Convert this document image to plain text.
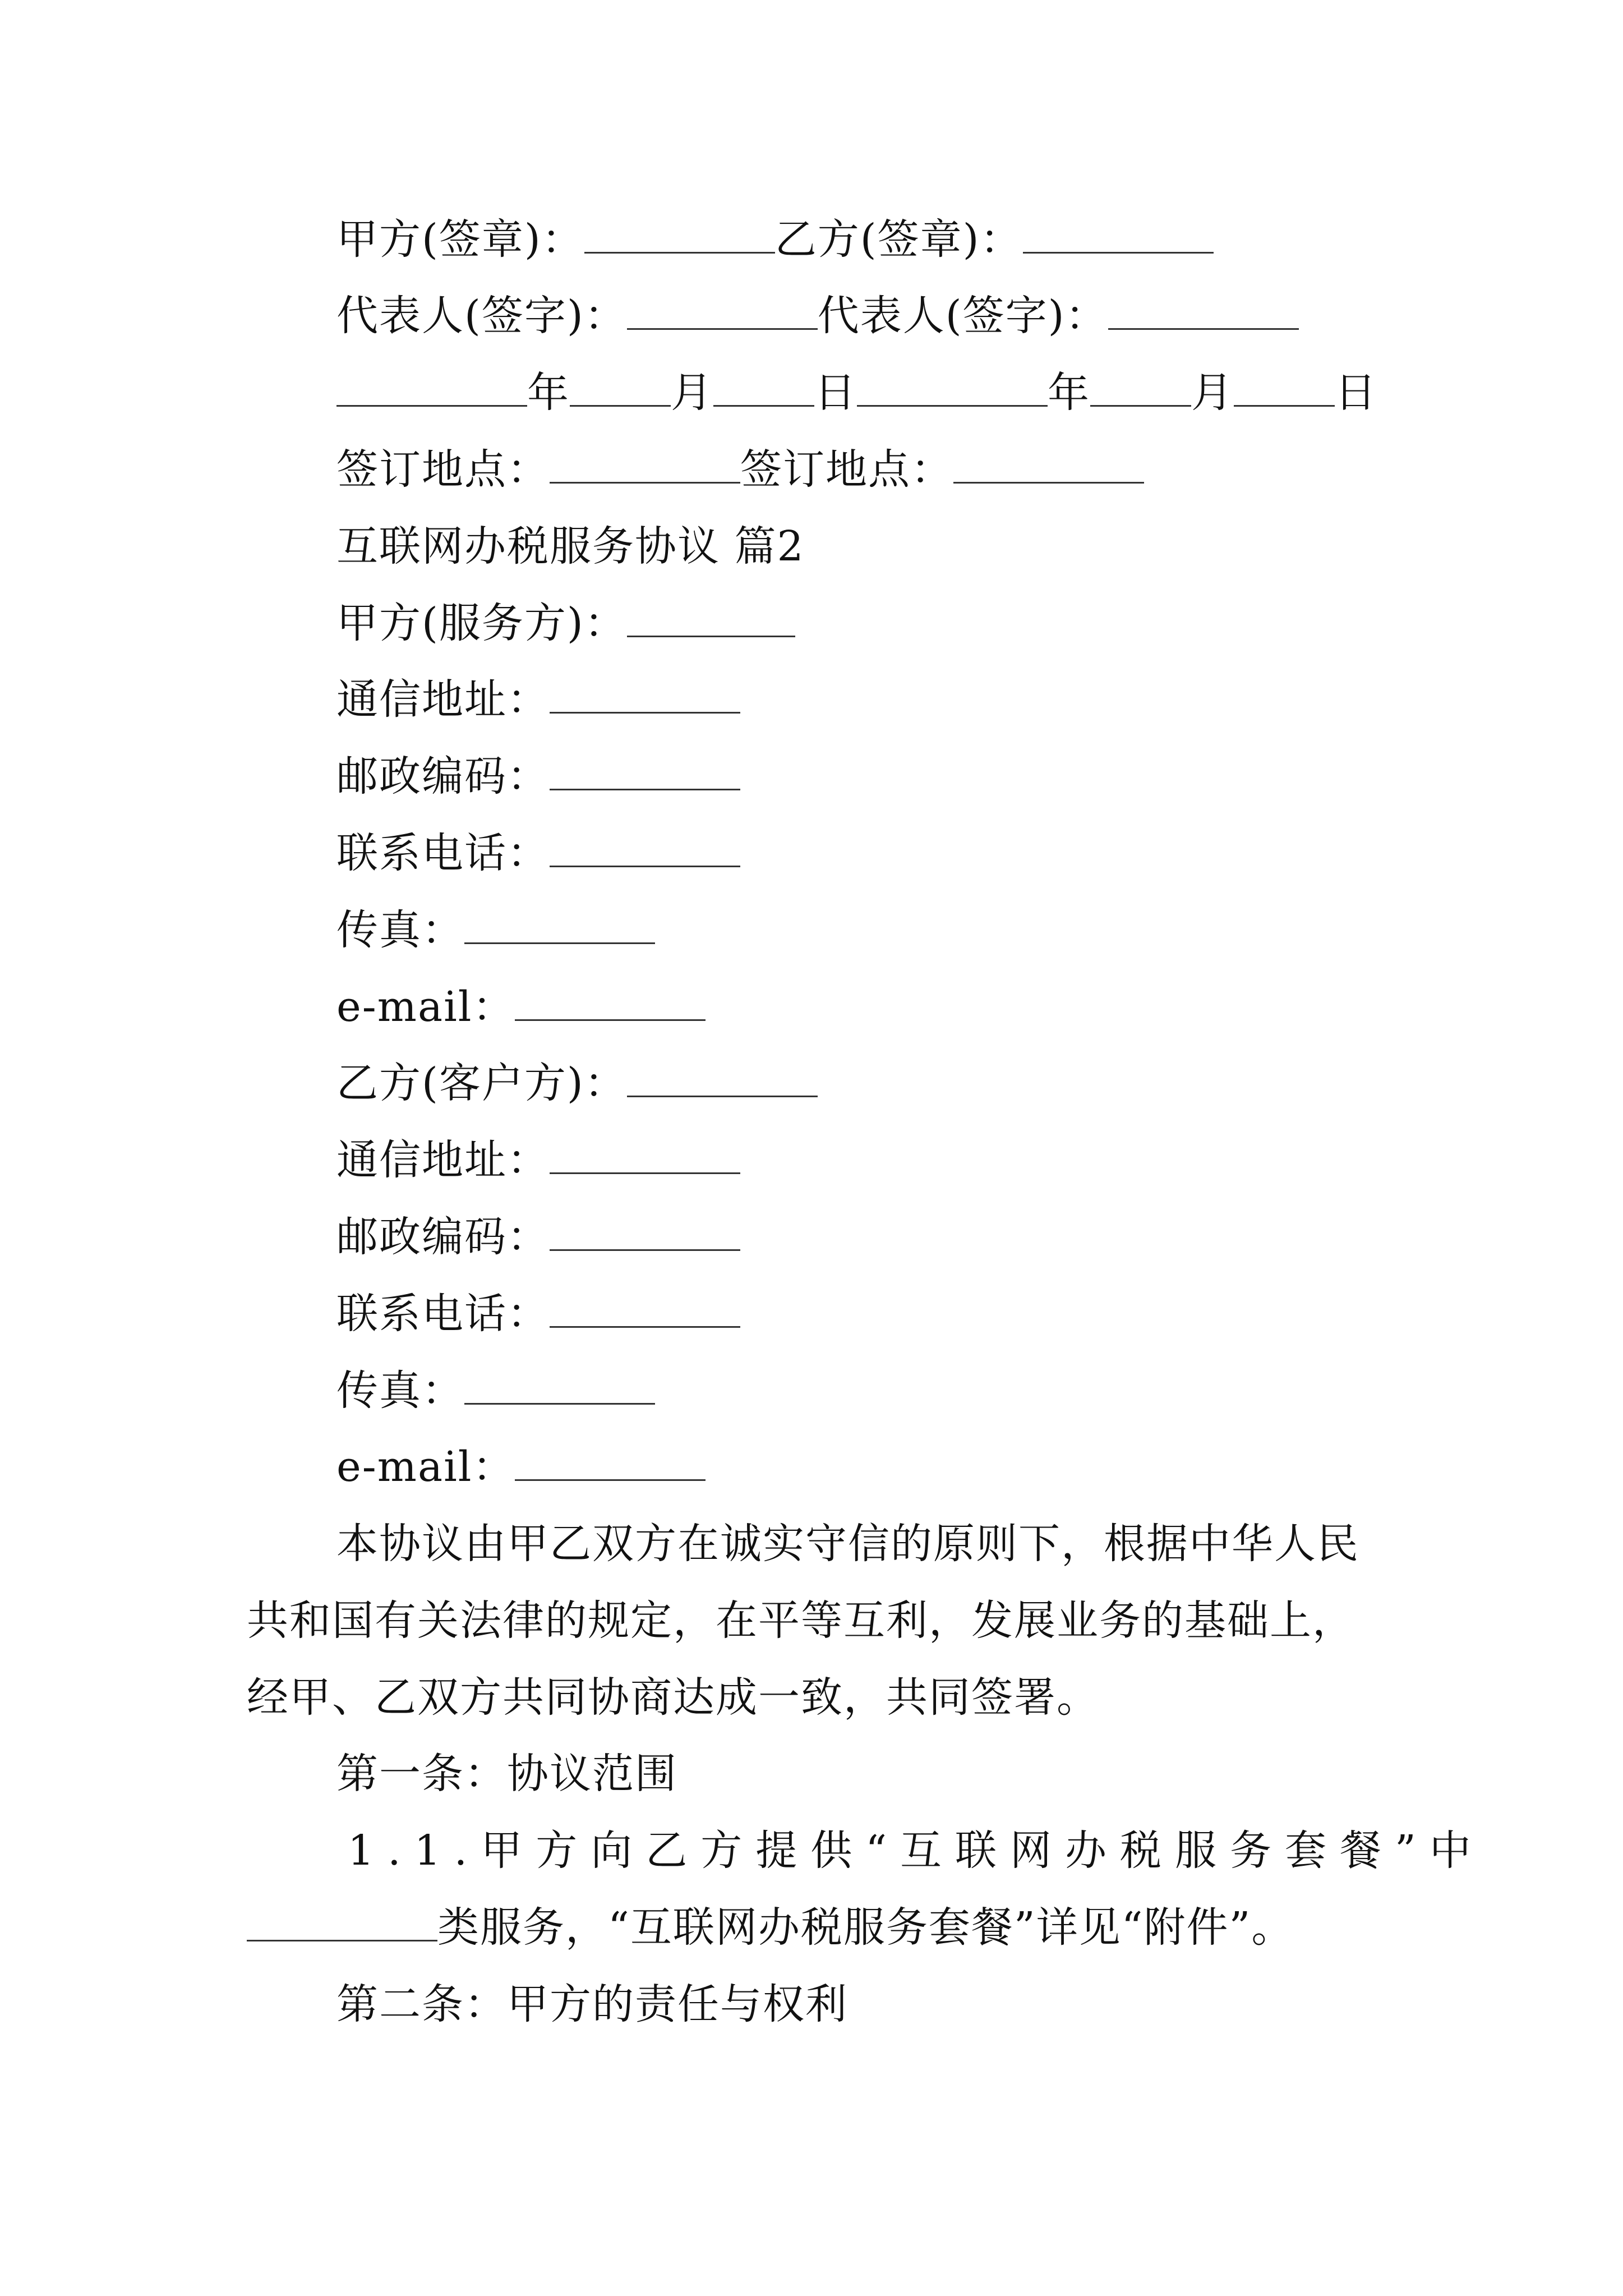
甲方(签章)：	乙方(签章)：
代表人(签字)：	代表人(签字)：
年 月 日	年 月 日
签订地点：	签订地点：
互联网办税服务协议 篇2
甲方(服务方)：
通信地址：
邮政编码：
联系电话：
传真：
e-mail：
乙方(客户方)：
通信地址：
邮政编码：
联系电话：
传真：
e-mail：
本协议由甲乙双方在诚实守信的原则下，根据中华人民
共和国有关法律的规定，在平等互利，发展业务的基础上，
经甲、乙双方共同协商达成一致，共同签署。
第一条：协议范围
1.1.甲方向乙方提供“互联网办税服务套餐”中
类服务，“互联网办税服务套餐”详见“附件”。
第二条：甲方的责任与权利
